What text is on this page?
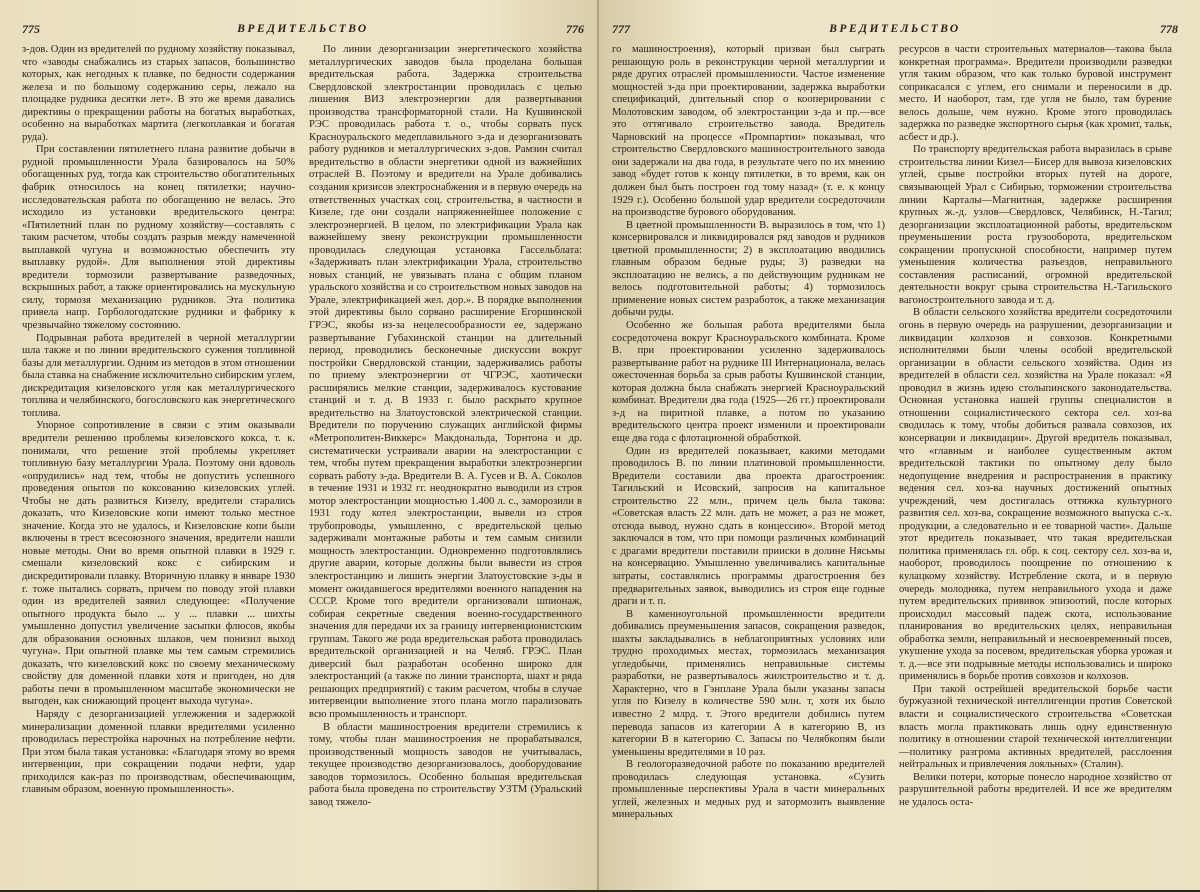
775	ВРЕДИТЕЛЬСТВО	776

з-дов. Один из вредителей по рудному хозяйству показывал, что «заводы снабжались из старых запасов, большинство которых, как негодных к плавке, по бедности содержания железа и по большому содержанию серы, лежало на площадке рудника десятки лет». В это же время давались директивы о прекращении работы на богатых выработках, особенно на выработках мартита (легкоплавкая и богатая руда).

При составлении пятилетнего плана развитие добычи в рудной промышленности Урала базировалось на 50% обогащенных руд, тогда как строительство обогатительных фабрик относилось на конец пятилетки; научно-исследовательская работа по обогащению не велась. Это исходило из установки вредительского центра: «Пятилетний план по рудному хозяйству—составлять с таким расчетом, чтобы создать разрыв между намеченной выплавкой чугуна и возможностью обеспечить эту выплавку рудой». Для выполнения этой директивы вредители тормозили развертывание разведочных, вскрышных работ, а также ориентировались на мускульную силу, тормозя механизацию рудников. Эта политика привела напр. Горбологодатские рудники и фабрику к чрезвычайно тяжелому состоянию.

Подрывная работа вредителей в черной металлургии шла также и по линии вредительского сужения топливной базы для металлургии. Одним из методов в этом отношении была ставка на снабжение исключительно сибирским углем, дискредитация кизеловского угля как металлургического топлива и челябинского, богословского как энергетического топлива.

Упорное сопротивление в связи с этим оказывали вредители решению проблемы кизеловского кокса, т. к. понимали, что решение этой проблемы укрепляет топливную базу металлургии Урала. Поэтому они вдоволь «опрудились» над тем, чтобы не допустить успешного проведения опытов по коксованию кизеловских углей. Чтобы не дать развиться Кизелу, вредители старались доказать, что Кизеловские копи имеют только местное значение. Когда это не удалось, и Кизеловские копи были включены в трест всесоюзного значения, вредители нашли новые методы. Они во время опытной плавки в 1929 г. смешали кизеловский кокс с сибирским и дискредитировали плавку. Вторичную плавку в январе 1930 г. тоже пытались сорвать, причем по поводу этой плавки один из вредителей заявил следующее: «Получение опытного продукта было ... у ... плавки ... шихты умышленно допустил увеличение засыпки флюсов, якобы для образования основных шлаков, чем понизил выход чугуна». При опытной плавке мы тем самым стремились доказать, что кизеловский кокс по своему механическому свойству для доменной плавки хотя и пригоден, но для работы печи в промышленном масштабе экономически не выгоден, как снижающий процент выхода чугуна».

Наряду с дезорганизацией углежжения и задержкой минерализации доменной плавки вредителями усиленно проводилась перестройка нарочных на потребление нефти. При этом была такая установка: «Благодаря этому во время интервенции, при сокращении подачи нефти, удар приходился как-раз по производствам, обеспечивающим, главным образом, военную промышленность».

По линии дезорганизации энергетического хозяйства металлургических заводов была проделана большая вредительская работа. Задержка строительства Свердловской электростанции проводилась с целью лишения ВИЗ электроэнергии для развертывания производства трансформаторной стали. На Кушвинской РЭС проводилась работа т. о., чтобы сорвать пуск Красноуральского медеплавильного з-да и дезорганизовать работу рудников и металлургических з-дов. Рамзин считал вредительство в области энергетики одной из важнейших отраслей В. Поэтому и вредители на Урале добивались создания кризисов электроснабжения и в первую очередь на ответственных участках соц. строительства, в частности в Кизеле, где они создали напряженнейшее положение с электроэнергией. В целом, по электрификации Урала как важнейшему звену реконструкции промышленности проводилась следующая установка Гассельблата: «Задерживать план электрификации Урала, строительство новых станций, не увязывать плана с общим планом уральского хозяйства и со строительством новых заводов на Урале, электрификацией жел. дор.». В порядке выполнения этой директивы было сорвано расширение Егоршинской ГРЭС, якобы из-за нецелесообразности ее, задержано развертывание Губахинской станции на длительный период, проводились бесконечные дискуссии вокруг постройки Свердловской станции, задерживались работы по приему электроэнергии от ЧГРЭС, хаотически расширялись мелкие станции, задерживалось кустование станций и т. д. В 1933 г. было раскрыто крупное вредительство на Златоустовской электрической станции. Вредители по поручению служащих английской фирмы «Метрополитен-Виккерс» Макдональда, Торнтона и др. систематически устраивали аварии на электростанции с тем, чтобы путем прекращения выработки электроэнергии сорвать работу з-да. Вредители В. А. Гусев и В. А. Соколов в течение 1931 и 1932 гг. неоднократно выводили из строя мотор электростанции мощностью 1.400 л. с., заморозили в 1931 году котел электростанции, вывели из строя трубопроводы, умышленно, с вредительской целью задерживали монтажные работы и тем самым снизили мощность электростанции. Одновременно подготовлялись другие аварии, которые должны были вывести из строя электростанцию и лишить энергии Златоустовские з-ды в момент ожидавшегося вредителями военного нападения на СССР. Кроме того вредители организовали шпионаж, собирая секретные сведения военно-государственного значения для передачи их за границу интервенционистским группам. Такого же рода вредительская работа проводилась вредительской организацией и на Челяб. ГРЭС. План диверсий был разработан особенно широко для электростанций (а также по линии транспорта, шахт и ряда решающих предприятий) с таким расчетом, чтобы в случае интервенции выполнение этого плана могло парализовать всю промышленность и транспорт.

В области машиностроения вредители стремились к тому, чтобы план машиностроения не прорабатывался, производственный мощность заводов не учитывалась, текущее производство дезорганизовалось, дооборудование заводов тормозилось. Особенно большая вредительская работа была проведена по строительству УЗТМ (Уральский завод тяжело-

777	ВРЕДИТЕЛЬСТВО	778

го машиностроения), который призван был сыграть решающую роль в реконструкции черной металлургии и ряде других отраслей промышленности. Частое изменение мощностей з-да при проектировании, задержка выработки спецификаций, длительный спор о кооперировании с Молотовским заводом, об электростанции з-да и пр.—все это оттягивало строительство завода. Вредитель Чарновский на процессе «Промпартии» показывал, что строительство Свердловского машиностроительного завода они задержали на два года, в результате чего по их мнению завод «будет готов к концу пятилетки, в то время, как он должен был быть построен год тому назад» (т. е. к концу 1929 г.). Особенно большой удар вредители сосредоточили на производстве бурового оборудования.

В цветной промышленности В. выразилось в том, что 1) консервировался и ликвидировался ряд заводов и рудников цветной промышленности; 2) в эксплоатацию вводились главным образом бедные руды; 3) разведки на эксплоатацию не велись, а по действующим рудникам не велось подготовительной работы; 4) тормозилось применение новых систем разработок, а также механизация добычи руды.

Особенно же большая работа вредителями была сосредоточена вокруг Красноуральского комбината. Кроме В. при проектировании усиленно задерживалось развертывание работ на руднике III Интернационала, велась ожесточенная борьба за срыв работы Кушвинской станции, которая должна была снабжать энергией Красноуральский комбинат. Вредители два года (1925—26 гг.) проектировали з-д на пиритной плавке, а потом по указанию вредительского центра проект изменили и проектировали еще два года с флотационной обработкой.

Один из вредителей показывает, какими методами проводилось В. по линии платиновой промышленности. Вредители составили два проекта драгостроения: Тагильский и Исовский, запросив на капитальное строительство 22 млн., причем цель была такова: «Советская власть 22 млн. дать не может, а раз не может, отсюда вывод, нужно сдать в концессию». Второй метод заключался в том, что при помощи различных комбинаций с драгами вредители поставили прииски в долине Нясьмы на консервацию. Умышленно увеличивались капитальные затраты, составлялись программы драгостроения без предварительных заявок, выводились из строя еще годные драги и т. п.

В каменноугольной промышленности вредители добивались преуменьшения запасов, сокращения разведок, шахты закладывались в неблагоприятных условиях или трудно проходимых местах, тормозилась механизация угледобычи, применялись неправильные системы разработки, не развертывалось жилстроительство и т. д. Характерно, что в Гэнплане Урала были указаны запасы угля по Кизелу в количестве 590 млн. т, хотя их было известно 2 млрд. т. Этого вредители добились путем перевода запасов из категории А в категорию В, из категории В в категорию С. Запасы по Челябкопям были уменьшены вредителями в 10 раз.

В геологоразведочной работе по показанию вредителей проводилась следующая установка. «Сузить промышленные перспективы Урала в части минеральных углей, железных и медных руд и затормозить выявление минеральных

ресурсов в части строительных материалов—такова была конкретная программа». Вредители производили разведки угля таким образом, что как только буровой инструмент соприкасался с углем, его снимали и переносили в др. место. И наоборот, там, где угля не было, там бурение велось дольше, чем нужно. Кроме этого проводилась задержка по разведке экспортного сырья (как хромит, тальк, асбест и др.).

По транспорту вредительская работа выразилась в срыве строительства линии Кизел—Бисер для вывоза кизеловских углей, срыве постройки вторых путей на дороге, связывающей Урал с Сибирью, торможении строительства линии Карталы—Магнитная, задержке расширения крупных ж.-д. узлов—Свердловск, Челябинск, Н.-Тагил; дезорганизации эксплоатационной работы, вредительском преуменьшении роста грузооборота, вредительском сокращении пропускной способности, например путем уменьшения количества разъездов, неправильного составления расписаний, огромной вредительской деятельности вокруг срыва строительства Н.-Тагильского вагоностроительного завода и т. д.

В области сельского хозяйства вредители сосредоточили огонь в первую очередь на разрушении, дезорганизации и ликвидации колхозов и совхозов. Конкретными исполнителями были члены особой вредительской организации в области сельского хозяйства. Один из вредителей в области сел. хозяйства на Урале показал: «Я проводил в жизнь идею столыпинского законодательства. Основная установка нашей группы специалистов в отношении социалистического сектора сел. хоз-ва сводилась к тому, чтобы добиться развала совхозов, их консервации и ликвидации». Другой вредитель показывал, что «главным и наиболее существенным актом вредительской тактики по опытному делу было недопущение внедрения и распространения в практику ведения сел. хоз-ва научных достижений опытных учреждений, чем достигалась оттяжка культурного развития сел. хоз-ва, сокращение возможного выпуска с.-х. продукции, а следовательно и ее товарной части». Дальше этот вредитель показывает, что такая вредительская политика применялась гл. обр. к соц. сектору сел. хоз-ва и, наоборот, проводилось поощрение по отношению к кулацкому хозяйству. Истребление скота, и в первую очередь молодняка, путем неправильного ухода и даже путем вредительских прививок эпизоотий, после которых происходил массовый падеж скота, использование планирования во вредительских целях, неправильная обработка земли, неправильный и несвоевременный посев, укушение ухода за посевом, вредительская уборка урожая и т. д.—все эти подрывные методы использовались и широко применялись в борьбе против совхозов и колхозов.

При такой острейшей вредительской борьбе части буржуазной технической интеллигенции против Советской власти и социалистического строительства «Советская власть могла практиковать лишь одну единственную политику в отношении старой технической интеллигенции—политику разгрома активных вредителей, расслоения нейтральных и привлечения лояльных» (Сталин).

Велики потери, которые понесло народное хозяйство от разрушительной работы вредителей. И все же вредителям не удалось оста-
